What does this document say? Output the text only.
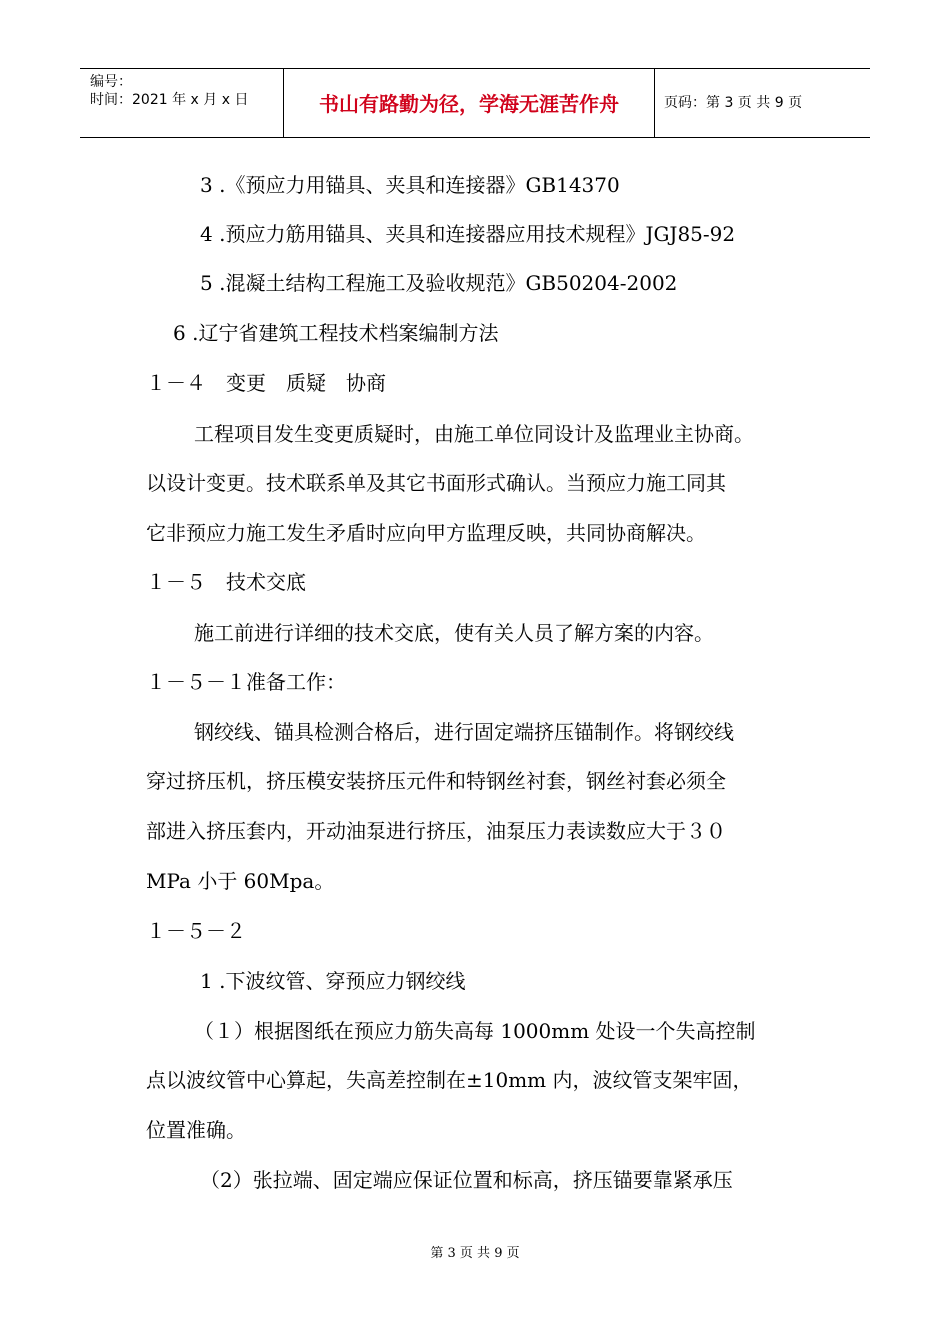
编号：
时间：2021 年 x 月 x 日	书山有路勤为径，学海无涯苦作舟	页码：第 3 页 共 9 页
3 .《预应力用锚具、夹具和连接器》GB14370
4 .预应力筋用锚具、夹具和连接器应用技术规程》JGJ85-92
5 .混凝土结构工程施工及验收规范》GB50204-2002
6 .辽宁省建筑工程技术档案编制方法
１－４　变更　质疑　协商
工程项目发生变更质疑时，由施工单位同设计及监理业主协商。
以设计变更。技术联系单及其它书面形式确认。当预应力施工同其
它非预应力施工发生矛盾时应向甲方监理反映，共同协商解决。
１－５　技术交底
施工前进行详细的技术交底，使有关人员了解方案的内容。
１－５－１准备工作：
钢绞线、锚具检测合格后，进行固定端挤压锚制作。将钢绞线
穿过挤压机，挤压模安装挤压元件和特钢丝衬套，钢丝衬套必须全
部进入挤压套内，开动油泵进行挤压，油泵压力表读数应大于３０
MPa 小于 60Mpa。
１－５－２
1 .下波纹管、穿预应力钢绞线
（１）根据图纸在预应力筋失高每 1000mm 处设一个失高控制
点以波纹管中心算起，失高差控制在±10mm 内，波纹管支架牢固，
位置准确。
（2）张拉端、固定端应保证位置和标高，挤压锚要靠紧承压
第 3 页 共 9 页
